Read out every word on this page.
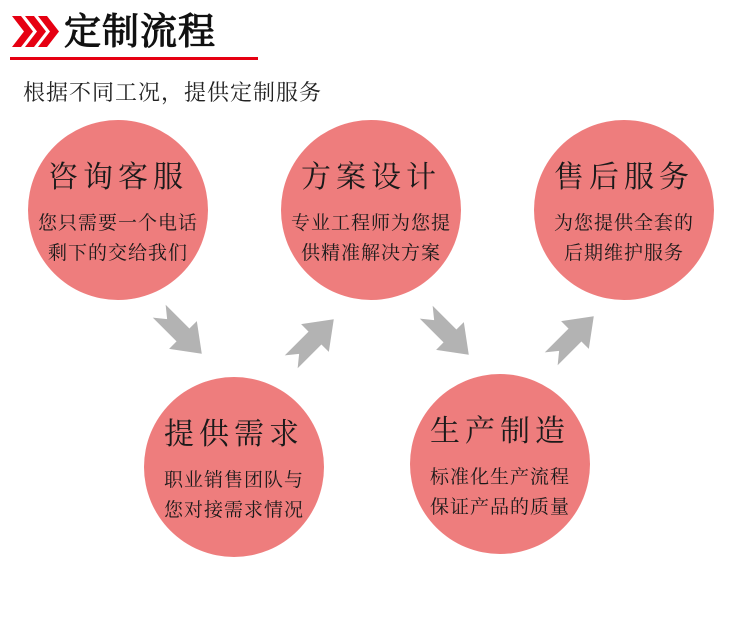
定制流程
根据不同工况，提供定制服务
咨询客服
您只需要一个电话
剩下的交给我们
方案设计
专业工程师为您提
供精准解决方案
售后服务
为您提供全套的
后期维护服务
提供需求
职业销售团队与
您对接需求情况
生产制造
标准化生产流程
保证产品的质量
